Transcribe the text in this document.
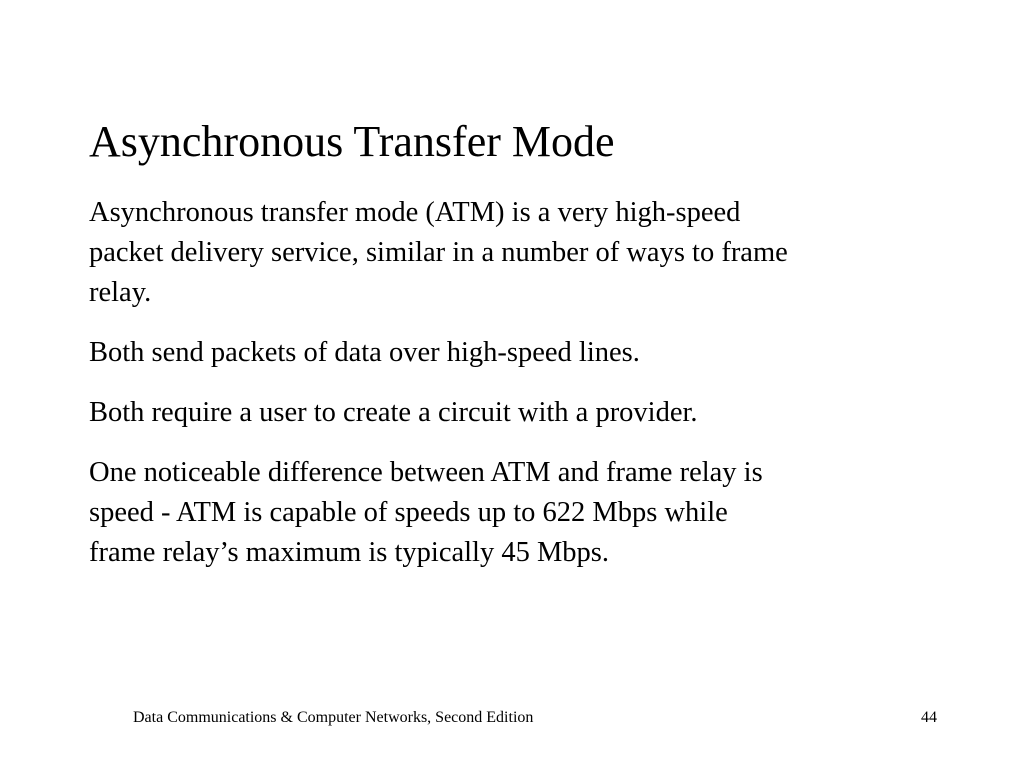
Asynchronous Transfer Mode

Asynchronous transfer mode (ATM) is a very high-speed
packet delivery service, similar in a number of ways to frame
relay.

Both send packets of data over high-speed lines.

Both require a user to create a circuit with a provider.

One noticeable difference between ATM and frame relay is
speed - ATM is capable of speeds up to 622 Mbps while
frame relay’s maximum is typically 45 Mbps.

Data Communications & Computer Networks, Second Edition	44
